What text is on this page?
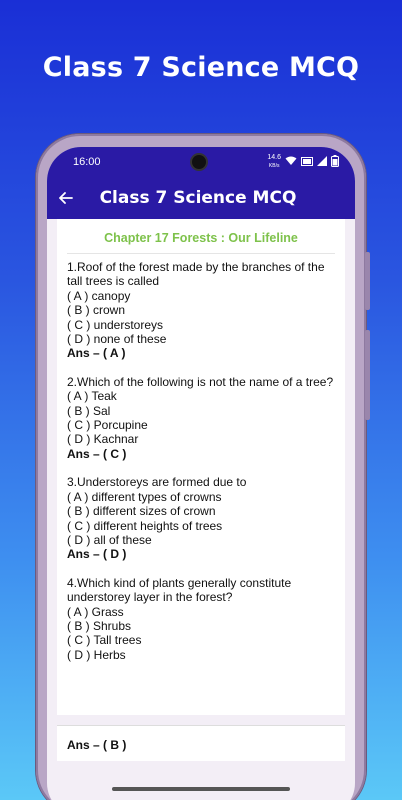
Class 7 Science MCQ
16:00	14.6
KB/s
Class 7 Science MCQ
Chapter 17 Forests : Our Lifeline
1.Roof of the forest made by the branches of the tall trees is called
( A ) canopy
( B ) crown
( C ) understoreys
( D ) none of these
Ans – ( A )
2.Which of the following is not the name of a tree?
( A ) Teak
( B ) Sal
( C ) Porcupine
( D ) Kachnar
Ans – ( C )
3.Understoreys are formed due to
( A ) different types of crowns
( B ) different sizes of crown
( C ) different heights of trees
( D ) all of these
Ans – ( D )
4.Which kind of plants generally constitute understorey layer in the forest?
( A ) Grass
( B ) Shrubs
( C ) Tall trees
( D ) Herbs
Ans – ( B )
